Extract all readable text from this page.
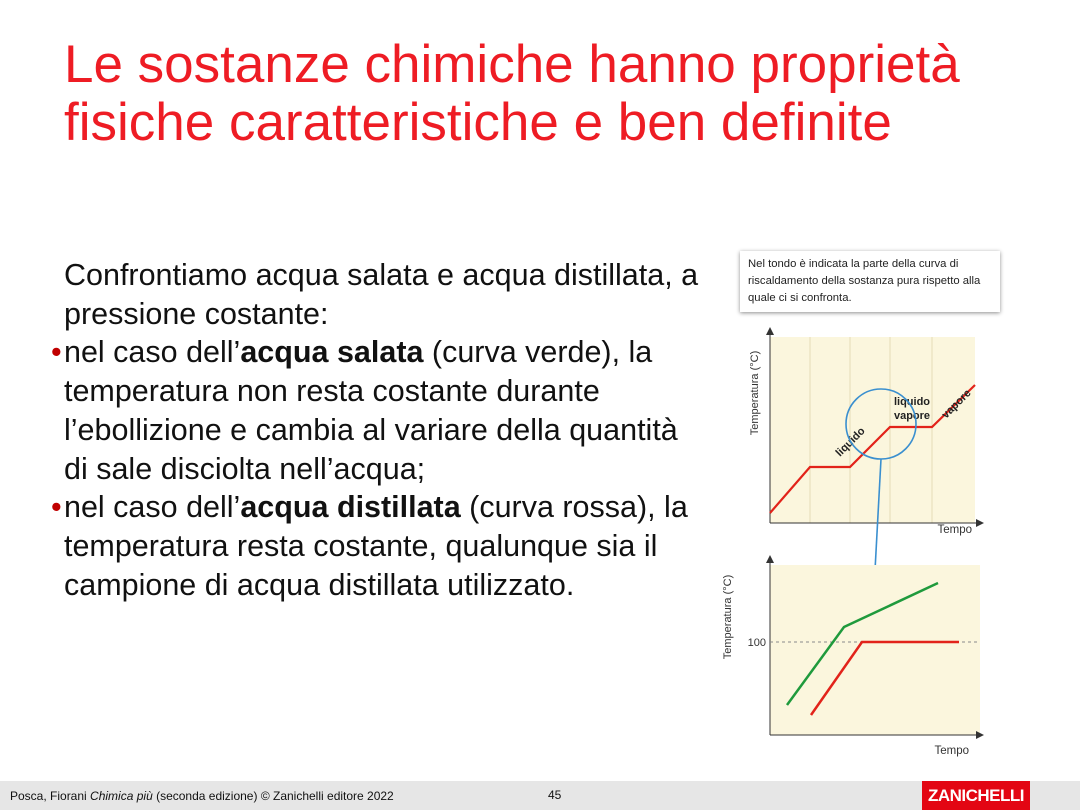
Le sostanze chimiche hanno proprietà fisiche caratteristiche e ben definite

Confrontiamo acqua salata e acqua distillata, a pressione costante:

• nel caso dell’acqua salata (curva verde), la temperatura non resta costante durante l’ebollizione e cambia al variare della quantità di sale disciolta nell’acqua;

• nel caso dell’acqua distillata (curva rossa), la temperatura resta costante, qualunque sia il campione di acqua distillata utilizzato.

Temperatura (°C)
Tempo
liquido
liquido
vapore vapore
100
Temperatura (°C)
Tempo
Nel tondo è indicata la parte della curva di riscaldamento della sostanza pura rispetto alla quale ci si confronta.
Posca, Fiorani Chimica più (seconda edizione) © Zanichelli editore 2022	45	ZANICHELLI
